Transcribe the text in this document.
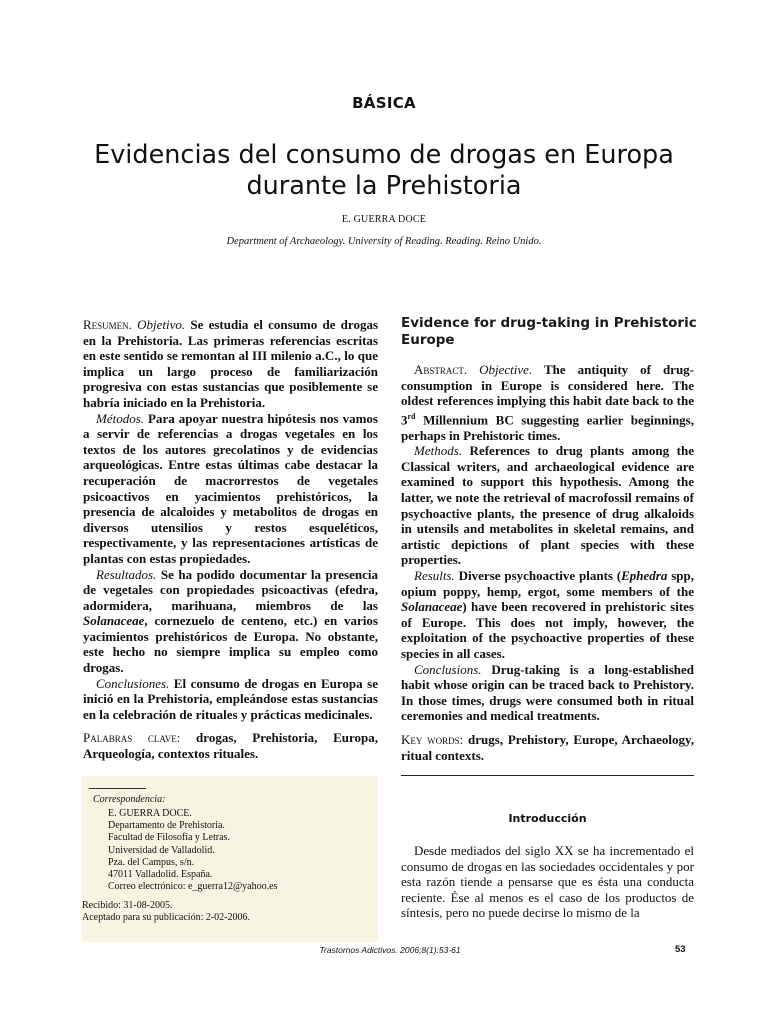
BÁSICA
Evidencias del consumo de drogas en Europa
durante la Prehistoria
E. GUERRA DOCE
Department of Archaeology. University of Reading. Reading. Reino Unido.

Resumen. Objetivo. Se estudia el consumo de drogas en la Prehistoria. Las primeras referencias escritas en este sentido se remontan al III milenio a.C., lo que implica un largo proceso de familiarización progresiva con estas sustancias que posiblemente se habría iniciado en la Prehistoria.

Métodos. Para apoyar nuestra hipótesis nos vamos a servir de referencias a drogas vegetales en los textos de los autores grecolatinos y de evidencias arqueológicas. Entre estas últimas cabe destacar la recuperación de macrorrestos de vegetales psicoactivos en yacimientos prehistóricos, la presencia de alcaloides y metabolitos de drogas en diversos utensilios y restos esqueléticos, respectivamente, y las representaciones artísticas de plantas con estas propiedades.

Resultados. Se ha podido documentar la presencia de vegetales con propiedades psicoactivas (efedra, adormidera, marihuana, miembros de las Solanaceae, cornezuelo de centeno, etc.) en varios yacimientos prehistóricos de Europa. No obstante, este hecho no siempre implica su empleo como drogas.

Conclusiones. El consumo de drogas en Europa se inició en la Prehistoria, empleándose estas sustancias en la celebración de rituales y prácticas medicinales.

Palabras clave: drogas, Prehistoria, Europa, Arqueología, contextos rituales.

Evidence for drug-taking in Prehistoric Europe

Abstract. Objective. The antiquity of drug-consumption in Europe is considered here. The oldest references implying this habit date back to the 3rd Millennium BC suggesting earlier beginnings, perhaps in Prehistoric times.

Methods. References to drug plants among the Classical writers, and archaeological evidence are examined to support this hypothesis. Among the latter, we note the retrieval of macrofossil remains of psychoactive plants, the presence of drug alkaloids in utensils and metabolites in skeletal remains, and artistic depictions of plant species with these properties.

Results. Diverse psychoactive plants (Ephedra spp, opium poppy, hemp, ergot, some members of the Solanaceae) have been recovered in prehistoric sites of Europe. This does not imply, however, the exploitation of the psychoactive properties of these species in all cases.

Conclusions. Drug-taking is a long-established habit whose origin can be traced back to Prehistory. In those times, drugs were consumed both in ritual ceremonies and medical treatments.

Key words: drugs, Prehistory, Europe, Archaeology, ritual contexts.

Correspondencia:
E. GUERRA DOCE.
Departamento de Prehistoria.
Facultad de Filosofía y Letras.
Universidad de Valladolid.
Pza. del Campus, s/n.
47011 Valladolid. España.
Correo electrónico: e_guerra12@yahoo.es
Recibido: 31-08-2005.
Aceptado para su publicación: 2-02-2006.
Introducción

Desde mediados del siglo XX se ha incrementado el consumo de drogas en las sociedades occidentales y por esta razón tiende a pensarse que es ésta una conducta reciente. Ése al menos es el caso de los productos de síntesis, pero no puede decirse lo mismo de la

Trastornos Adictivos. 2006;8(1):53-61	53
